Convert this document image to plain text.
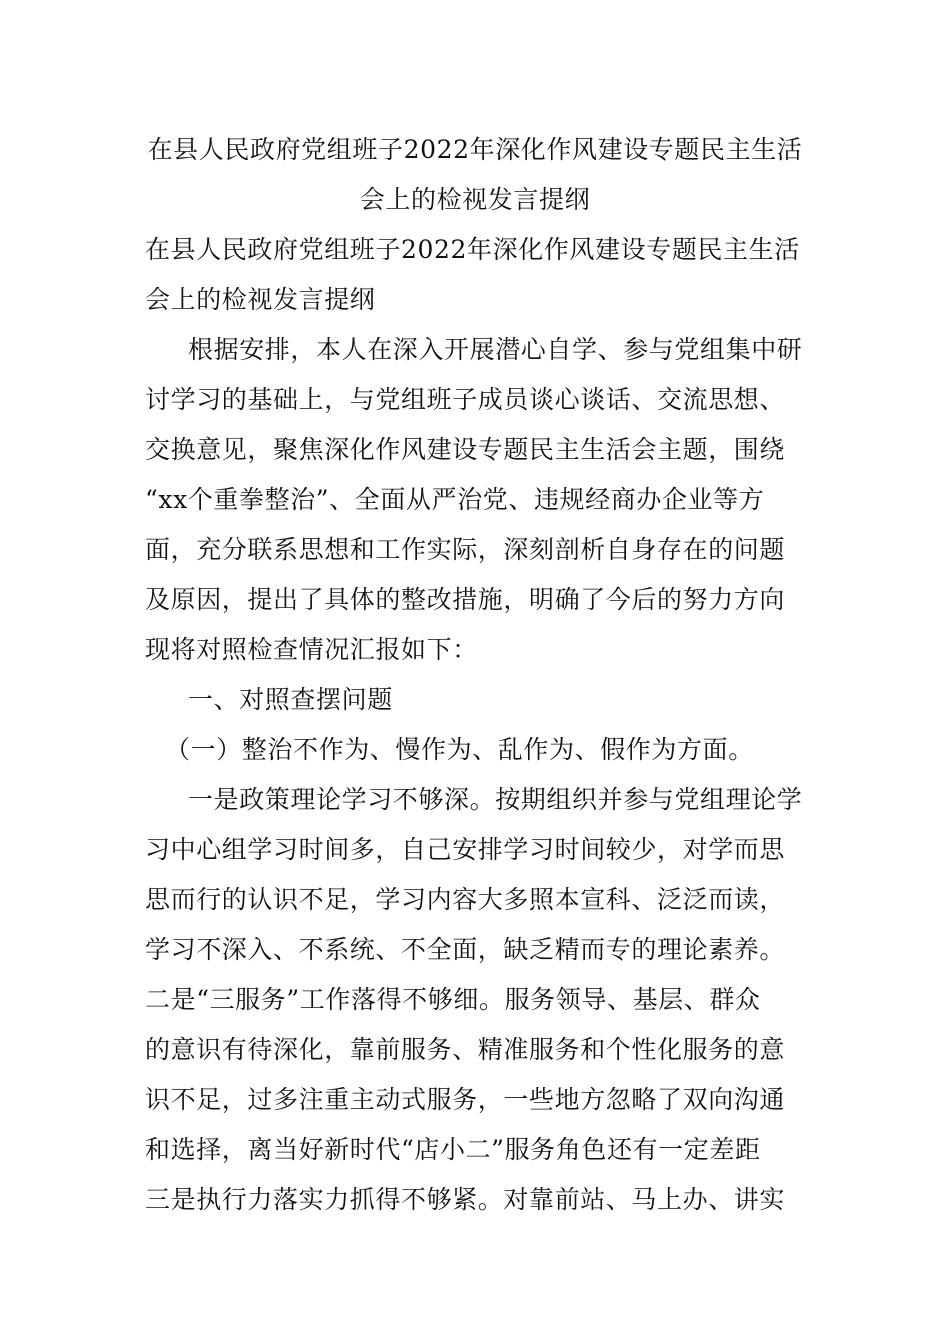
在县人民政府党组班子2022年深化作风建设专题民主生活
会上的检视发言提纲
在县人民政府党组班子2022年深化作风建设专题民主生活
会上的检视发言提纲
根据安排，本人在深入开展潜心自学、参与党组集中研
讨学习的基础上，与党组班子成员谈心谈话、交流思想、
交换意见，聚焦深化作风建设专题民主生活会主题，围绕
“xx个重拳整治”、全面从严治党、违规经商办企业等方
面，充分联系思想和工作实际，深刻剖析自身存在的问题
及原因，提出了具体的整改措施，明确了今后的努力方向
现将对照检查情况汇报如下：
一、对照查摆问题
（一）整治不作为、慢作为、乱作为、假作为方面。
一是政策理论学习不够深。按期组织并参与党组理论学
习中心组学习时间多，自己安排学习时间较少，对学而思
思而行的认识不足，学习内容大多照本宣科、泛泛而读，
学习不深入、不系统、不全面，缺乏精而专的理论素养。
二是“三服务”工作落得不够细。服务领导、基层、群众
的意识有待深化，靠前服务、精准服务和个性化服务的意
识不足，过多注重主动式服务，一些地方忽略了双向沟通
和选择，离当好新时代“店小二”服务角色还有一定差距
三是执行力落实力抓得不够紧。对靠前站、马上办、讲实
